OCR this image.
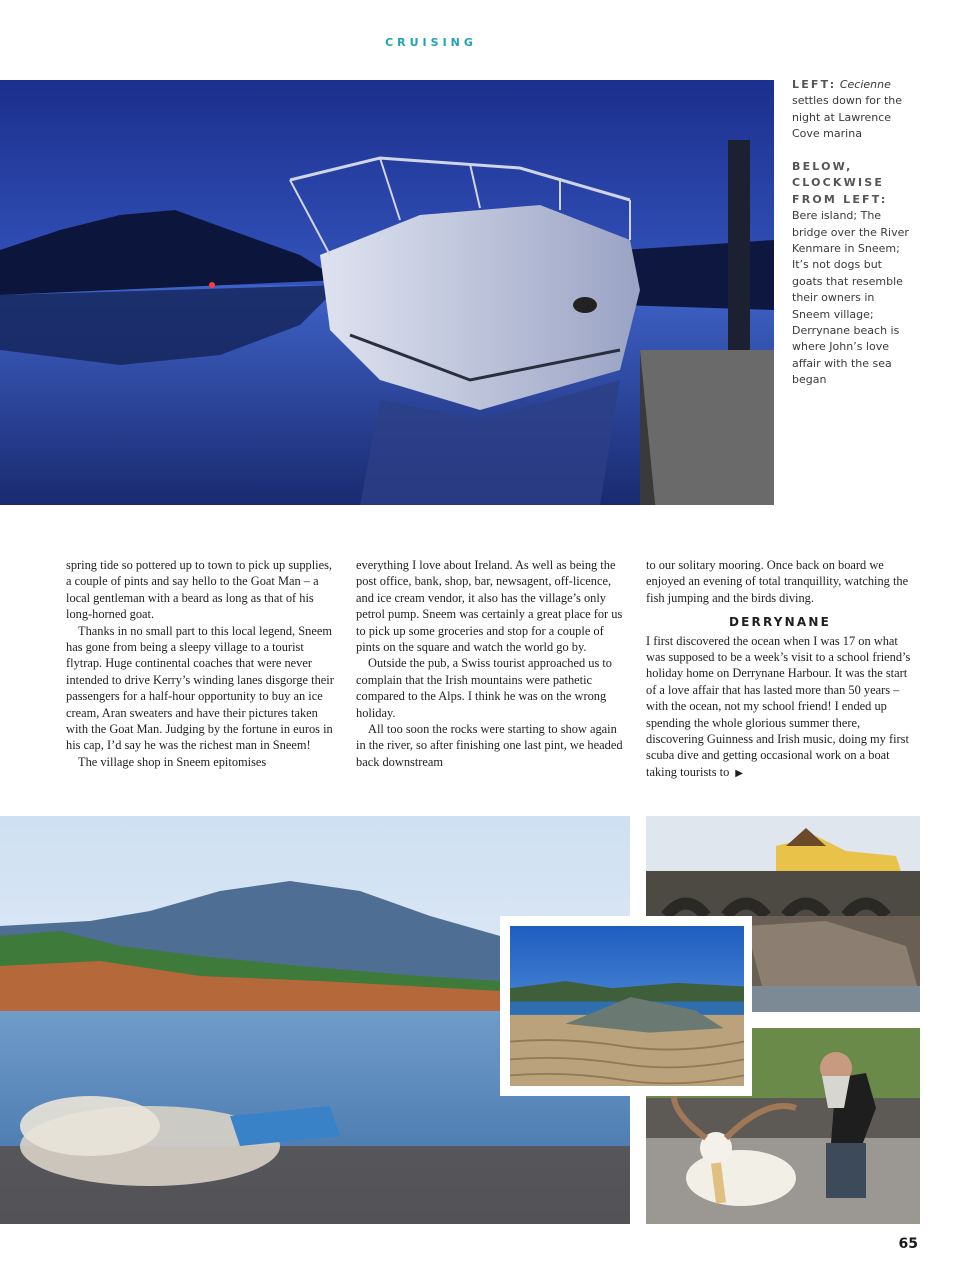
CRUISING
LEFT: Cecienne settles down for the night at Lawrence Cove marina
BELOW, CLOCKWISE FROM LEFT:
Bere island; The bridge over the River Kenmare in Sneem; It’s not dogs but goats that resemble their owners in Sneem village; Derrynane beach is where John’s love affair with the sea began

spring tide so pottered up to town to pick up supplies, a couple of pints and say hello to the Goat Man – a local gentleman with a beard as long as that of his long-horned goat.

Thanks in no small part to this local legend, Sneem has gone from being a sleepy village to a tourist flytrap. Huge continental coaches that were never intended to drive Kerry’s winding lanes disgorge their passengers for a half-hour opportunity to buy an ice cream, Aran sweaters and have their pictures taken with the Goat Man. Judging by the fortune in euros in his cap, I’d say he was the richest man in Sneem!

The village shop in Sneem epitomises

everything I love about Ireland. As well as being the post office, bank, shop, bar, newsagent, off-licence, and ice cream vendor, it also has the village’s only petrol pump. Sneem was certainly a great place for us to pick up some groceries and stop for a couple of pints on the square and watch the world go by.

Outside the pub, a Swiss tourist approached us to complain that the Irish mountains were pathetic compared to the Alps. I think he was on the wrong holiday.

All too soon the rocks were starting to show again in the river, so after finishing one last pint, we headed back downstream

to our solitary mooring. Once back on board we enjoyed an evening of total tranquillity, watching the fish jumping and the birds diving.

DERRYNANE

I first discovered the ocean when I was 17 on what was supposed to be a week’s visit to a school friend’s holiday home on Derrynane Harbour. It was the start of a love affair that has lasted more than 50 years – with the ocean, not my school friend! I ended up spending the whole glorious summer there, discovering Guinness and Irish music, doing my first scuba dive and getting occasional work on a boat taking tourists to ▶

65
